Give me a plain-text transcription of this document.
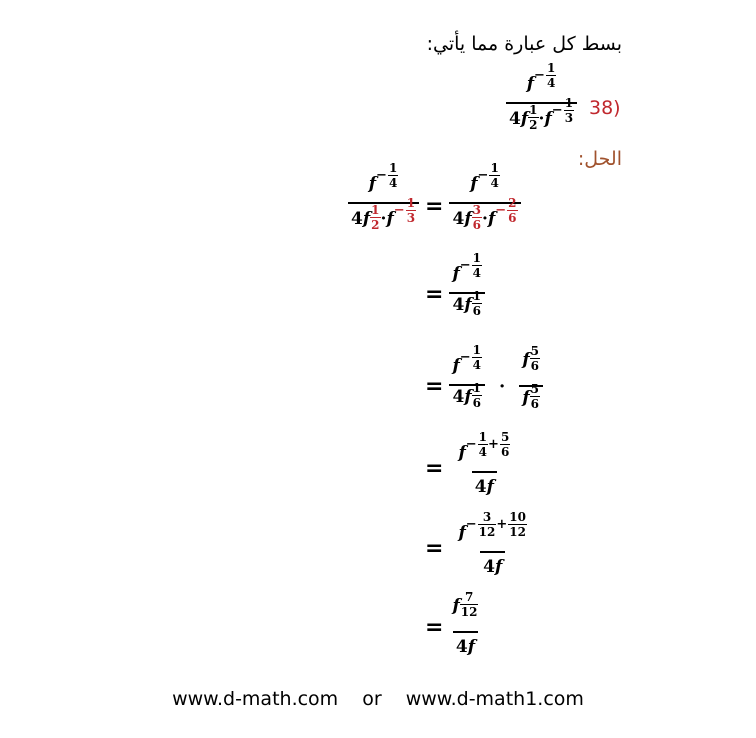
بسط كل عبارة مما يأتي:
$f - \frac{1}{4}$
4f 1
$2 \cdot f - \frac{1}{3} 38$)
الحل:
$f - \frac{1}{4}$
4f 1
$2 \cdot f - \frac{1}{3} = f - \frac{1}{4}$
4f 3
$6 \cdot f - \frac{2}{6}$
= $f - \frac{1}{4}$
4f 1
6
= $f - \frac{1}{4}$
4f 1
6 · f 5
6
f 5
6
= $\frac{f - \frac{1}{4} + \frac{5}{6}}{4f}$
= $\frac{f - \frac{3}{12} + \frac{10}{12}}{4f}$
= f 7
12
4f
www.d-math.com or www.d-math1.com
